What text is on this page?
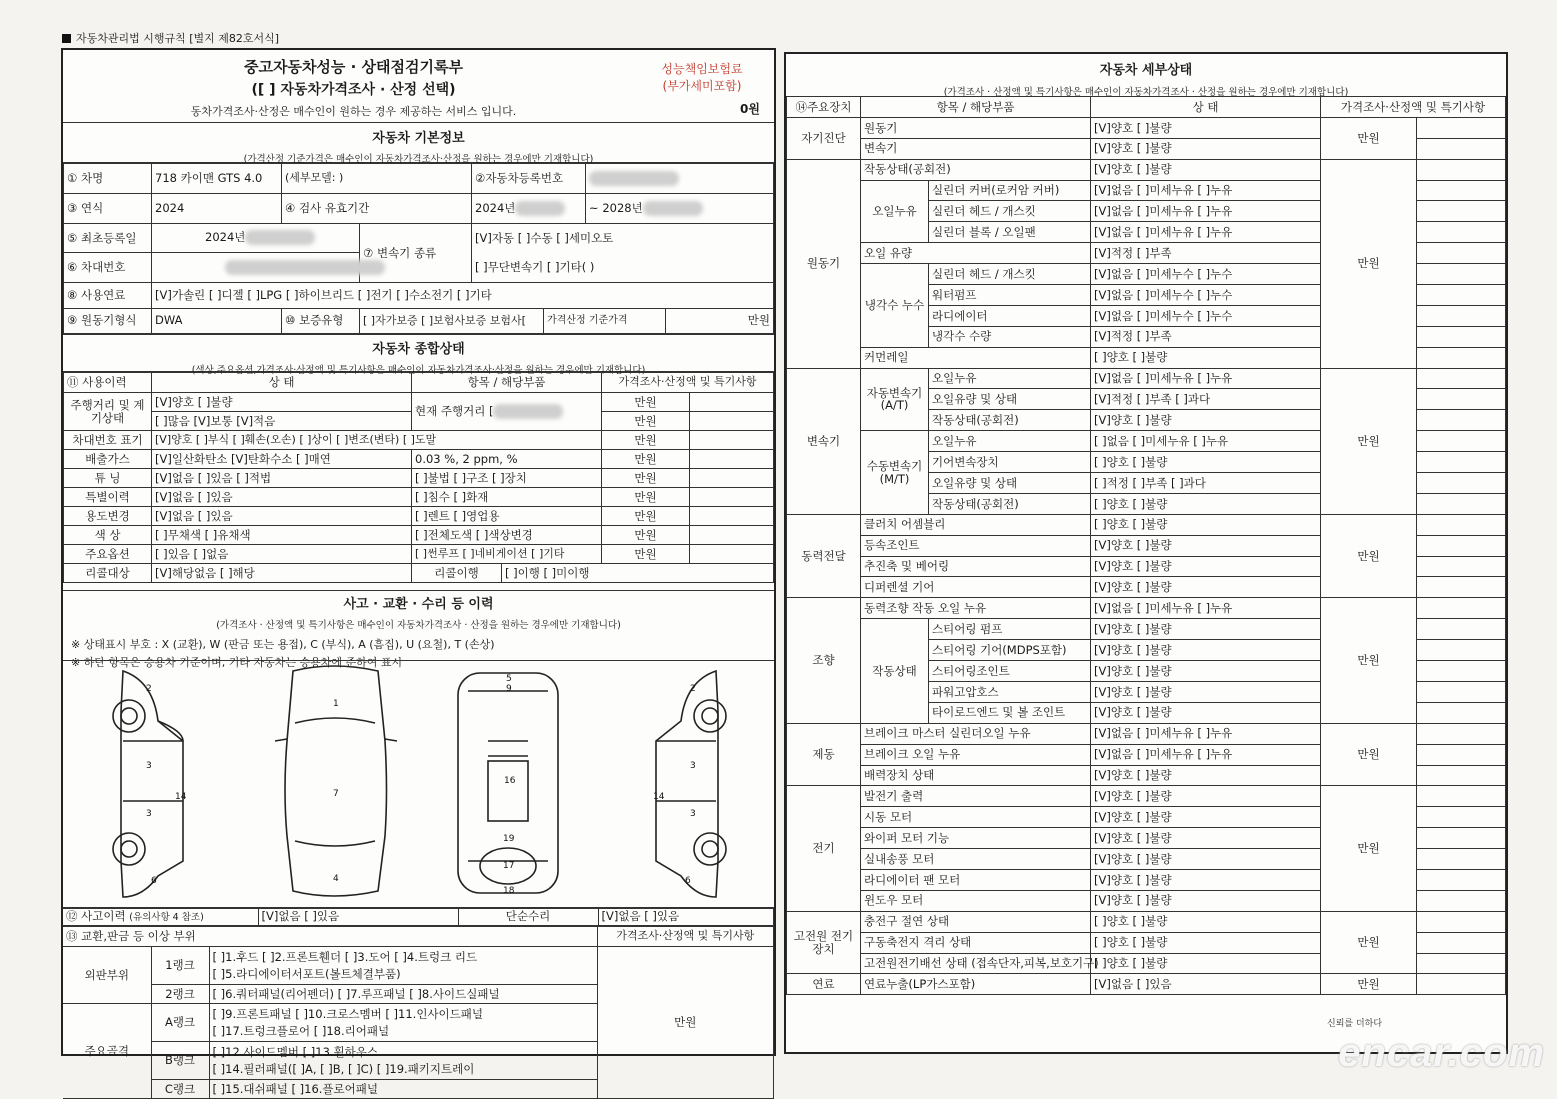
자동차관리법 시행규칙 [별지 제82호서식]
중고자동차성능 · 상태점검기록부
([ ] 자동차가격조사 · 산정 선택)
동차가격조사·산정은 매수인이 원하는 경우 제공하는 서비스 입니다.
성능책임보험료
(부가세미포함)
0원
자동차 기본정보
(가격산정 기준가격은 매수인이 자동차가격조사·산정을 원하는 경우에만 기재합니다)
① 차명	718 카이맨 GTS 4.0	(세부모델: )		②자동차등록번호			
③ 연식	2024	④ 검사 유효기간		2024년		~ 2028년	
⑤ 최초등록일	2024년		⑦ 변속기 종류	[V]자동 [ ]수동 [ ]세미오토			
⑥ 차대번호				[ ]무단변속기 [ ]기타( )			
⑧ 사용연료	[V]가솔린 [ ]디젤 [ ]LPG [ ]하이브리드 [ ]전기 [ ]수소전기 [ ]기타						
⑨ 원동기형식	DWA	⑩ 보증유형	[ ]자가보증 [ ]보험사보증 보험사[		가격산정 기준가격		만원
자동차 종합상태
(색상,주요옵션,가격조사·산정액 및 특기사항은 매수인이 자동차가격조사·산정을 원하는 경우에만 기재합니다)
⑪ 사용이력	상 태	항목 / 해당부품		가격조사·산정액 및 특기사항	
주행거리 및 계기상태	[V]양호 [ ]불량	현재 주행거리 [		만원	
	[ ]많음 [V]보통 [V]적음			만원	
차대번호 표기	[V]양호 [ ]부식 [ ]훼손(오손) [ ]상이 [ ]변조(변타) [ ]도말			만원	
배출가스	[V]일산화탄소 [V]탄화수소 [ ]매연	0.03 %, 2 ppm, %		만원	
튜 닝	[V]없음 [ ]있음 [ ]적법	[ ]불법 [ ]구조 [ ]장치		만원	
특별이력	[V]없음 [ ]있음	[ ]침수 [ ]화재		만원	
용도변경	[V]없음 [ ]있음	[ ]렌트 [ ]영업용		만원	
색 상	[ ]무채색 [ ]유채색	[ ]전체도색 [ ]색상변경		만원	
주요옵션	[ ]있음 [ ]없음	[ ]썬루프 [ ]네비게이션 [ ]기타		만원	
리콜대상	[V]해당없음 [ ]해당	리콜이행	[ ]이행 [ ]미이행		
사고 · 교환 · 수리 등 이력
(가격조사 · 산정액 및 특기사항은 매수인이 자동차가격조사 · 산정을 원하는 경우에만 기재합니다)
※ 상태표시 부호 : X (교환), W (판금 또는 용접), C (부식), A (흠집), U (요철), T (손상)
※ 하단 항목은 승용차 기준이며, 기타 자동차는 승용차에 준하여 표시
2
3
3
14
6
1
7
4
5
9
16
19
17
18
2
3
3
14
6
⑫ 사고이력 (유의사항 4 참조)	[V]없음 [ ]있음	단순수리	[V]없음 [ ]있음
⑬ 교환,판금 등 이상 부위			가격조사·산정액 및 특기사항
외판부위	1랭크	[ ]1.후드 [ ]2.프론트휀더 [ ]3.도어 [ ]4.트렁크 리드
[ ]5.라디에이터서포트(볼트체결부품)	만원
	2랭크	[ ]6.쿼터패널(리어펜더) [ ]7.루프패널 [ ]8.사이드실패널	
주요골격	A랭크	[ ]9.프론트패널 [ ]10.크로스멤버 [ ]11.인사이드패널
[ ]17.트렁크플로어 [ ]18.리어패널	

	B랭크	[ ]12.사이드멤버 [ ]13.휠하우스
[ ]14.필러패널([ ]A, [ ]B, [ ]C) [ ]19.패키지트레이	

	C랭크	[ ]15.대쉬패널 [ ]16.플로어패널	
자동차 세부상태
(가격조사 · 산정액 및 특기사항은 매수인이 자동차가격조사 · 산정을 원하는 경우에만 기재합니다)
⑭주요장치	항목 / 해당부품		상 태	가격조사·산정액 및 특기사항	
자기진단	원동기		[V]양호 [ ]불량	만원	
	변속기		[V]양호 [ ]불량		
원동기	작동상태(공회전)		[V]양호 [ ]불량	만원	
	오일누유	실린더 커버(로커암 커버)	[V]없음 [ ]미세누유 [ ]누유		
		실린더 헤드 / 개스킷	[V]없음 [ ]미세누유 [ ]누유		
		실린더 블록 / 오일팬	[V]없음 [ ]미세누유 [ ]누유		
	오일 유량		[V]적정 [ ]부족		
	냉각수 누수	실린더 헤드 / 개스킷	[V]없음 [ ]미세누수 [ ]누수		
		워터펌프	[V]없음 [ ]미세누수 [ ]누수		
		라디에이터	[V]없음 [ ]미세누수 [ ]누수		
		냉각수 수량	[V]적정 [ ]부족		
	커먼레일		[ ]양호 [ ]불량		
변속기	자동변속기 (A/T)	오일누유	[V]없음 [ ]미세누유 [ ]누유	만원	
		오일유량 및 상태	[V]적정 [ ]부족 [ ]과다		
		작동상태(공회전)	[V]양호 [ ]불량		
	수동변속기 (M/T)	오일누유	[ ]없음 [ ]미세누유 [ ]누유		
		기어변속장치	[ ]양호 [ ]불량		
		오일유량 및 상태	[ ]적정 [ ]부족 [ ]과다		
		작동상태(공회전)	[ ]양호 [ ]불량		
동력전달	클러치 어셈블리		[ ]양호 [ ]불량	만원	
	등속조인트		[V]양호 [ ]불량		
	추진축 및 베어링		[V]양호 [ ]불량		
	디퍼렌셜 기어		[V]양호 [ ]불량		
조향	동력조향 작동 오일 누유		[V]없음 [ ]미세누유 [ ]누유	만원	
	작동상태	스티어링 펌프	[V]양호 [ ]불량		
		스티어링 기어(MDPS포함)	[V]양호 [ ]불량		
		스티어링조인트	[V]양호 [ ]불량		
		파워고압호스	[V]양호 [ ]불량		
		타이로드엔드 및 볼 조인트	[V]양호 [ ]불량		
제동	브레이크 마스터 실린더오일 누유		[V]없음 [ ]미세누유 [ ]누유	만원	
	브레이크 오일 누유		[V]없음 [ ]미세누유 [ ]누유		
	배력장치 상태		[V]양호 [ ]불량		
전기	발전기 출력		[V]양호 [ ]불량	만원	
	시동 모터		[V]양호 [ ]불량		
	와이퍼 모터 기능		[V]양호 [ ]불량		
	실내송풍 모터		[V]양호 [ ]불량		
	라디에이터 팬 모터		[V]양호 [ ]불량		
	윈도우 모터		[V]양호 [ ]불량		
고전원 전기장치	충전구 절연 상태		[ ]양호 [ ]불량	만원	
	구동축전지 격리 상태		[ ]양호 [ ]불량		
	고전원전기배선 상태 (접속단자,피복,보호기구)		[ ]양호 [ ]불량		
연료	연료누출(LP가스포함)		[V]없음 [ ]있음	만원	
신뢰를 더하다
encar.com
